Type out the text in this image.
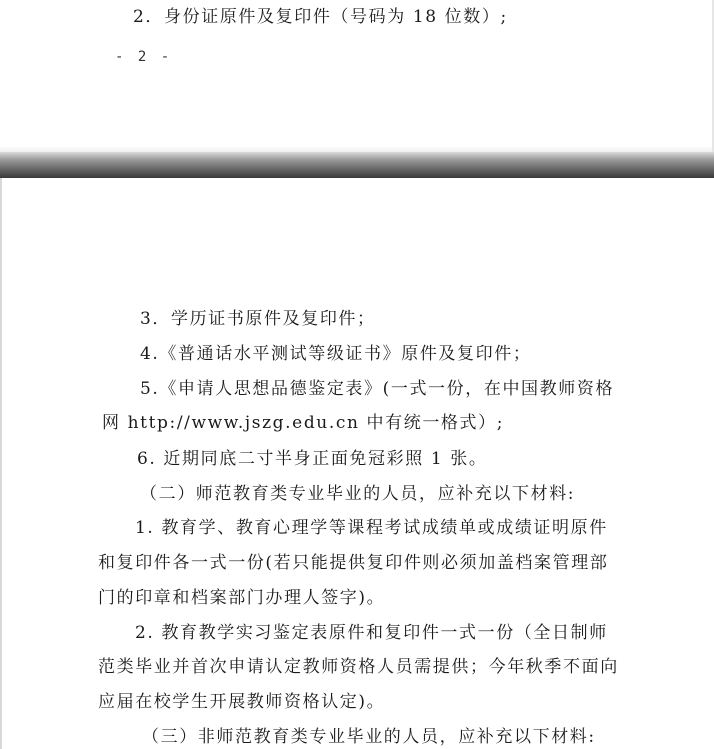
2．身份证原件及复印件（号码为 18 位数）;
- 2 -
3．学历证书原件及复印件；
4.《普通话水平测试等级证书》原件及复印件；
5.《申请人思想品德鉴定表》(一式一份，在中国教师资格
网 http://www.jszg.edu.cn 中有统一格式）;
6. 近期同底二寸半身正面免冠彩照 1 张。
（二）师范教育类专业毕业的人员，应补充以下材料:
1. 教育学、教育心理学等课程考试成绩单或成绩证明原件
和复印件各一式一份(若只能提供复印件则必须加盖档案管理部
门的印章和档案部门办理人签字)。
2. 教育教学实习鉴定表原件和复印件一式一份（全日制师
范类毕业并首次申请认定教师资格人员需提供；今年秋季不面向
应届在校学生开展教师资格认定)。
（三）非师范教育类专业毕业的人员，应补充以下材料:
